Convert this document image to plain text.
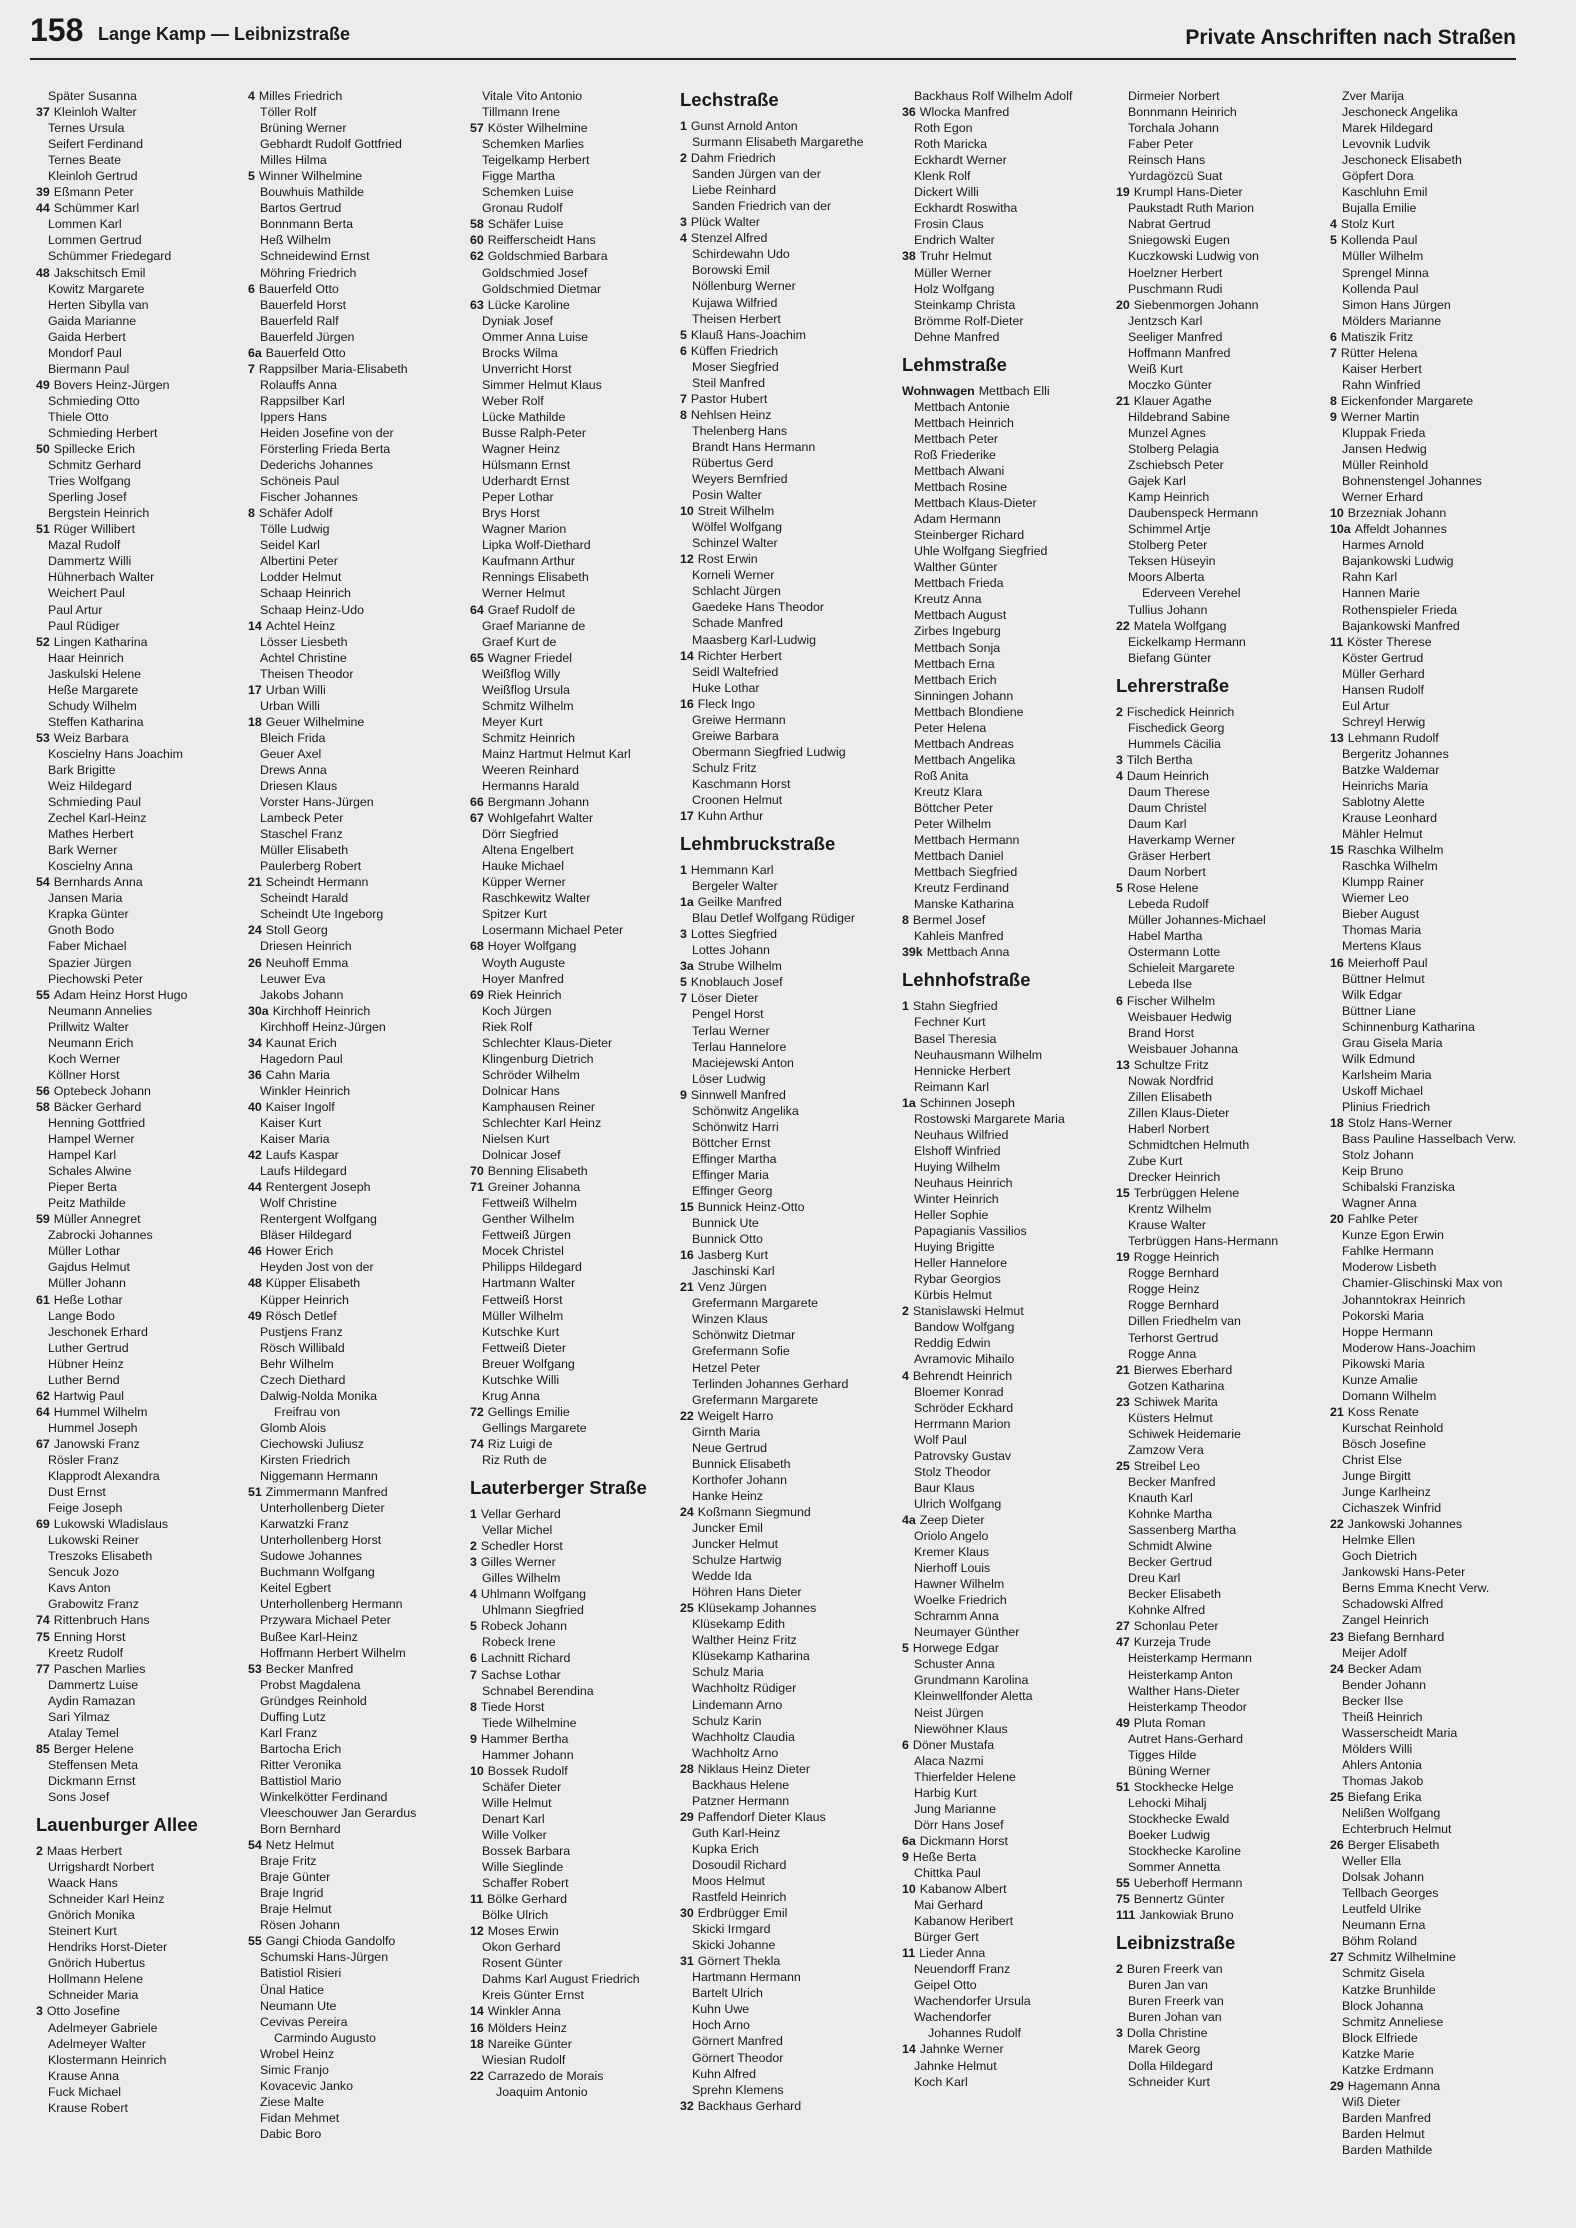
158 Lange Kamp — Leibnizstraße	Private Anschriften nach Straßen
Später Susanna
37 Kleinloh Walter
Ternes Ursula
Seifert Ferdinand
Ternes Beate
Kleinloh Gertrud
39 Eßmann Peter
44 Schümmer Karl
Lommen Karl
Lommen Gertrud
Schümmer Friedegard
48 Jakschitsch Emil
Kowitz Margarete
Herten Sibylla van
Gaida Marianne
Gaida Herbert
Mondorf Paul
Biermann Paul
49 Bovers Heinz-Jürgen
Schmieding Otto
Thiele Otto
Schmieding Herbert
50 Spillecke Erich
Schmitz Gerhard
Tries Wolfgang
Sperling Josef
Bergstein Heinrich
51 Rüger Willibert
Mazal Rudolf
Dammertz Willi
Hühnerbach Walter
Weichert Paul
Paul Artur
Paul Rüdiger
52 Lingen Katharina
Haar Heinrich
Jaskulski Helene
Heße Margarete
Schudy Wilhelm
Steffen Katharina
53 Weiz Barbara
Koscielny Hans Joachim
Bark Brigitte
Weiz Hildegard
Schmieding Paul
Zechel Karl-Heinz
Mathes Herbert
Bark Werner
Koscielny Anna
54 Bernhards Anna
Jansen Maria
Krapka Günter
Gnoth Bodo
Faber Michael
Spazier Jürgen
Piechowski Peter
55 Adam Heinz Horst Hugo
Neumann Annelies
Prillwitz Walter
Neumann Erich
Koch Werner
Köllner Horst
56 Optebeck Johann
58 Bäcker Gerhard
Henning Gottfried
Hampel Werner
Hampel Karl
Schales Alwine
Pieper Berta
Peitz Mathilde
59 Müller Annegret
Zabrocki Johannes
Müller Lothar
Gajdus Helmut
Müller Johann
61 Heße Lothar
Lange Bodo
Jeschonek Erhard
Luther Gertrud
Hübner Heinz
Luther Bernd
62 Hartwig Paul
64 Hummel Wilhelm
Hummel Joseph
67 Janowski Franz
Rösler Franz
Klapprodt Alexandra
Dust Ernst
Feige Joseph
69 Lukowski Wladislaus
Lukowski Reiner
Treszoks Elisabeth
Sencuk Jozo
Kavs Anton
Grabowitz Franz
74 Rittenbruch Hans
75 Enning Horst
Kreetz Rudolf
77 Paschen Marlies
Dammertz Luise
Aydin Ramazan
Sari Yilmaz
Atalay Temel
85 Berger Helene
Steffensen Meta
Dickmann Ernst
Sons Josef
Lauenburger Allee
2 Maas Herbert
Urrigshardt Norbert
Waack Hans
Schneider Karl Heinz
Gnörich Monika
Steinert Kurt
Hendriks Horst-Dieter
Gnörich Hubertus
Hollmann Helene
Schneider Maria
3 Otto Josefine
Adelmeyer Gabriele
Adelmeyer Walter
Klostermann Heinrich
Krause Anna
Fuck Michael
Krause Robert
4 Milles Friedrich
Töller Rolf
Brüning Werner
Gebhardt Rudolf Gottfried
Milles Hilma
5 Winner Wilhelmine
Bouwhuis Mathilde
Bartos Gertrud
Bonnmann Berta
Heß Wilhelm
Schneidewind Ernst
Möhring Friedrich
6 Bauerfeld Otto
Bauerfeld Horst
Bauerfeld Ralf
Bauerfeld Jürgen
6a Bauerfeld Otto
7 Rappsilber Maria-Elisabeth
Rolauffs Anna
Rappsilber Karl
Ippers Hans
Heiden Josefine von der
Försterling Frieda Berta
Dederichs Johannes
Schöneis Paul
Fischer Johannes
8 Schäfer Adolf
Tölle Ludwig
Seidel Karl
Albertini Peter
Lodder Helmut
Schaap Heinrich
Schaap Heinz-Udo
14 Achtel Heinz
Lösser Liesbeth
Achtel Christine
Theisen Theodor
17 Urban Willi
Urban Willi
18 Geuer Wilhelmine
Bleich Frida
Geuer Axel
Drews Anna
Driesen Klaus
Vorster Hans-Jürgen
Lambeck Peter
Staschel Franz
Müller Elisabeth
Paulerberg Robert
21 Scheindt Hermann
Scheindt Harald
Scheindt Ute Ingeborg
24 Stoll Georg
Driesen Heinrich
26 Neuhoff Emma
Leuwer Eva
Jakobs Johann
30a Kirchhoff Heinrich
Kirchhoff Heinz-Jürgen
34 Kaunat Erich
Hagedorn Paul
36 Cahn Maria
Winkler Heinrich
40 Kaiser Ingolf
Kaiser Kurt
Kaiser Maria
42 Laufs Kaspar
Laufs Hildegard
44 Rentergent Joseph
Wolf Christine
Rentergent Wolfgang
Bläser Hildegard
46 Hower Erich
Heyden Jost von der
48 Küpper Elisabeth
Küpper Heinrich
49 Rösch Detlef
Pustjens Franz
Rösch Willibald
Behr Wilhelm
Czech Diethard
Dalwig-Nolda Monika
Freifrau von
Glomb Alois
Ciechowski Juliusz
Kirsten Friedrich
Niggemann Hermann
51 Zimmermann Manfred
Unterhollenberg Dieter
Karwatzki Franz
Unterhollenberg Horst
Sudowe Johannes
Buchmann Wolfgang
Keitel Egbert
Unterhollenberg Hermann
Przywara Michael Peter
Bußee Karl-Heinz
Hoffmann Herbert Wilhelm
53 Becker Manfred
Probst Magdalena
Gründges Reinhold
Duffing Lutz
Karl Franz
Bartocha Erich
Ritter Veronika
Battistiol Mario
Winkelkötter Ferdinand
Vleeschouwer Jan Gerardus
Born Bernhard
54 Netz Helmut
Braje Fritz
Braje Günter
Braje Ingrid
Braje Helmut
Rösen Johann
55 Gangi Chioda Gandolfo
Schumski Hans-Jürgen
Batistiol Risieri
Ünal Hatice
Neumann Ute
Cevivas Pereira
Carmindo Augusto
Wrobel Heinz
Simic Franjo
Kovacevic Janko
Ziese Malte
Fidan Mehmet
Dabic Boro
Vitale Vito Antonio
Tillmann Irene
57 Köster Wilhelmine
Schemken Marlies
Teigelkamp Herbert
Figge Martha
Schemken Luise
Gronau Rudolf
58 Schäfer Luise
60 Reifferscheidt Hans
62 Goldschmied Barbara
Goldschmied Josef
Goldschmied Dietmar
63 Lücke Karoline
Dyniak Josef
Ommer Anna Luise
Brocks Wilma
Unverricht Horst
Simmer Helmut Klaus
Weber Rolf
Lücke Mathilde
Busse Ralph-Peter
Wagner Heinz
Hülsmann Ernst
Uderhardt Ernst
Peper Lothar
Brys Horst
Wagner Marion
Lipka Wolf-Diethard
Kaufmann Arthur
Rennings Elisabeth
Werner Helmut
64 Graef Rudolf de
Graef Marianne de
Graef Kurt de
65 Wagner Friedel
Weißflog Willy
Weißflog Ursula
Schmitz Wilhelm
Meyer Kurt
Schmitz Heinrich
Mainz Hartmut Helmut Karl
Weeren Reinhard
Hermanns Harald
66 Bergmann Johann
67 Wohlgefahrt Walter
Dörr Siegfried
Altena Engelbert
Hauke Michael
Küpper Werner
Raschkewitz Walter
Spitzer Kurt
Losermann Michael Peter
68 Hoyer Wolfgang
Woyth Auguste
Hoyer Manfred
69 Riek Heinrich
Koch Jürgen
Riek Rolf
Schlechter Klaus-Dieter
Klingenburg Dietrich
Schröder Wilhelm
Dolnicar Hans
Kamphausen Reiner
Schlechter Karl Heinz
Nielsen Kurt
Dolnicar Josef
70 Benning Elisabeth
71 Greiner Johanna
Fettweiß Wilhelm
Genther Wilhelm
Fettweiß Jürgen
Mocek Christel
Philipps Hildegard
Hartmann Walter
Fettweiß Horst
Müller Wilhelm
Kutschke Kurt
Fettweiß Dieter
Breuer Wolfgang
Kutschke Willi
Krug Anna
72 Gellings Emilie
Gellings Margarete
74 Riz Luigi de
Riz Ruth de
Lauterberger Straße
1 Vellar Gerhard
Vellar Michel
2 Schedler Horst
3 Gilles Werner
Gilles Wilhelm
4 Uhlmann Wolfgang
Uhlmann Siegfried
5 Robeck Johann
Robeck Irene
6 Lachnitt Richard
7 Sachse Lothar
Schnabel Berendina
8 Tiede Horst
Tiede Wilhelmine
9 Hammer Bertha
Hammer Johann
10 Bossek Rudolf
Schäfer Dieter
Wille Helmut
Denart Karl
Wille Volker
Bossek Barbara
Wille Sieglinde
Schaffer Robert
11 Bölke Gerhard
Bölke Ulrich
12 Moses Erwin
Okon Gerhard
Rosent Günter
Dahms Karl August Friedrich
Kreis Günter Ernst
14 Winkler Anna
16 Mölders Heinz
18 Nareike Günter
Wiesian Rudolf
22 Carrazedo de Morais
Joaquim Antonio
Lechstraße
1 Gunst Arnold Anton
Surmann Elisabeth Margarethe
2 Dahm Friedrich
Sanden Jürgen van der
Liebe Reinhard
Sanden Friedrich van der
3 Plück Walter
4 Stenzel Alfred
Schirdewahn Udo
Borowski Emil
Nöllenburg Werner
Kujawa Wilfried
Theisen Herbert
5 Klauß Hans-Joachim
6 Küffen Friedrich
Moser Siegfried
Steil Manfred
7 Pastor Hubert
8 Nehlsen Heinz
Thelenberg Hans
Brandt Hans Hermann
Rübertus Gerd
Weyers Bernfried
Posin Walter
10 Streit Wilhelm
Wölfel Wolfgang
Schinzel Walter
12 Rost Erwin
Korneli Werner
Schlacht Jürgen
Gaedeke Hans Theodor
Schade Manfred
Maasberg Karl-Ludwig
14 Richter Herbert
Seidl Waltefried
Huke Lothar
16 Fleck Ingo
Greiwe Hermann
Greiwe Barbara
Obermann Siegfried Ludwig
Schulz Fritz
Kaschmann Horst
Croonen Helmut
17 Kuhn Arthur
Lehmbruckstraße
1 Hemmann Karl
Bergeler Walter
1a Geilke Manfred
Blau Detlef Wolfgang Rüdiger
3 Lottes Siegfried
Lottes Johann
3a Strube Wilhelm
5 Knoblauch Josef
7 Löser Dieter
Pengel Horst
Terlau Werner
Terlau Hannelore
Maciejewski Anton
Löser Ludwig
9 Sinnwell Manfred
Schönwitz Angelika
Schönwitz Harri
Böttcher Ernst
Effinger Martha
Effinger Maria
Effinger Georg
15 Bunnick Heinz-Otto
Bunnick Ute
Bunnick Otto
16 Jasberg Kurt
Jaschinski Karl
21 Venz Jürgen
Grefermann Margarete
Winzen Klaus
Schönwitz Dietmar
Grefermann Sofie
Hetzel Peter
Terlinden Johannes Gerhard
Grefermann Margarete
22 Weigelt Harro
Girnth Maria
Neue Gertrud
Bunnick Elisabeth
Korthofer Johann
Hanke Heinz
24 Koßmann Siegmund
Juncker Emil
Juncker Helmut
Schulze Hartwig
Wedde Ida
Höhren Hans Dieter
25 Klüsekamp Johannes
Klüsekamp Edith
Walther Heinz Fritz
Klüsekamp Katharina
Schulz Maria
Wachholtz Rüdiger
Lindemann Arno
Schulz Karin
Wachholtz Claudia
Wachholtz Arno
28 Niklaus Heinz Dieter
Backhaus Helene
Patzner Hermann
29 Paffendorf Dieter Klaus
Guth Karl-Heinz
Kupka Erich
Dosoudil Richard
Moos Helmut
Rastfeld Heinrich
30 Erdbrügger Emil
Skicki Irmgard
Skicki Johanne
31 Görnert Thekla
Hartmann Hermann
Bartelt Ulrich
Kuhn Uwe
Hoch Arno
Görnert Manfred
Görnert Theodor
Kuhn Alfred
Sprehn Klemens
32 Backhaus Gerhard
Backhaus Rolf Wilhelm Adolf
36 Wlocka Manfred
Roth Egon
Roth Maricka
Eckhardt Werner
Klenk Rolf
Dickert Willi
Eckhardt Roswitha
Frosin Claus
Endrich Walter
38 Truhr Helmut
Müller Werner
Holz Wolfgang
Steinkamp Christa
Brömme Rolf-Dieter
Dehne Manfred
Lehmstraße
Wohnwagen Mettbach Elli
Mettbach Antonie
Mettbach Heinrich
Mettbach Peter
Roß Friederike
Mettbach Alwani
Mettbach Rosine
Mettbach Klaus-Dieter
Adam Hermann
Steinberger Richard
Uhle Wolfgang Siegfried
Walther Günter
Mettbach Frieda
Kreutz Anna
Mettbach August
Zirbes Ingeburg
Mettbach Sonja
Mettbach Erna
Mettbach Erich
Sinningen Johann
Mettbach Blondiene
Peter Helena
Mettbach Andreas
Mettbach Angelika
Roß Anita
Kreutz Klara
Böttcher Peter
Peter Wilhelm
Mettbach Hermann
Mettbach Daniel
Mettbach Siegfried
Kreutz Ferdinand
Manske Katharina
8 Bermel Josef
Kahleis Manfred
39k Mettbach Anna
Lehnhofstraße
1 Stahn Siegfried
Fechner Kurt
Basel Theresia
Neuhausmann Wilhelm
Hennicke Herbert
Reimann Karl
1a Schinnen Joseph
Rostowski Margarete Maria
Neuhaus Wilfried
Elshoff Winfried
Huying Wilhelm
Neuhaus Heinrich
Winter Heinrich
Heller Sophie
Papagianis Vassilios
Huying Brigitte
Heller Hannelore
Rybar Georgios
Kürbis Helmut
2 Stanislawski Helmut
Bandow Wolfgang
Reddig Edwin
Avramovic Mihailo
4 Behrendt Heinrich
Bloemer Konrad
Schröder Eckhard
Herrmann Marion
Wolf Paul
Patrovsky Gustav
Stolz Theodor
Baur Klaus
Ulrich Wolfgang
4a Zeep Dieter
Oriolo Angelo
Kremer Klaus
Nierhoff Louis
Hawner Wilhelm
Woelke Friedrich
Schramm Anna
Neumayer Günther
5 Horwege Edgar
Schuster Anna
Grundmann Karolina
Kleinwellfonder Aletta
Neist Jürgen
Niewöhner Klaus
6 Döner Mustafa
Alaca Nazmi
Thierfelder Helene
Harbig Kurt
Jung Marianne
Dörr Hans Josef
6a Dickmann Horst
9 Heße Berta
Chittka Paul
10 Kabanow Albert
Mai Gerhard
Kabanow Heribert
Bürger Gert
11 Lieder Anna
Neuendorff Franz
Geipel Otto
Wachendorfer Ursula
Wachendorfer
Johannes Rudolf
14 Jahnke Werner
Jahnke Helmut
Koch Karl
Dirmeier Norbert
Bonnmann Heinrich
Torchala Johann
Faber Peter
Reinsch Hans
Yurdagözcü Suat
19 Krumpl Hans-Dieter
Paukstadt Ruth Marion
Nabrat Gertrud
Sniegowski Eugen
Kuczkowski Ludwig von
Hoelzner Herbert
Puschmann Rudi
20 Siebenmorgen Johann
Jentzsch Karl
Seeliger Manfred
Hoffmann Manfred
Weiß Kurt
Moczko Günter
21 Klauer Agathe
Hildebrand Sabine
Munzel Agnes
Stolberg Pelagia
Zschiebsch Peter
Gajek Karl
Kamp Heinrich
Daubenspeck Hermann
Schimmel Artje
Stolberg Peter
Teksen Hüseyin
Moors Alberta
Ederveen Verehel
Tullius Johann
22 Matela Wolfgang
Eickelkamp Hermann
Biefang Günter
Lehrerstraße
2 Fischedick Heinrich
Fischedick Georg
Hummels Cäcilia
3 Tilch Bertha
4 Daum Heinrich
Daum Therese
Daum Christel
Daum Karl
Haverkamp Werner
Gräser Herbert
Daum Norbert
5 Rose Helene
Lebeda Rudolf
Müller Johannes-Michael
Habel Martha
Ostermann Lotte
Schieleit Margarete
Lebeda Ilse
6 Fischer Wilhelm
Weisbauer Hedwig
Brand Horst
Weisbauer Johanna
13 Schultze Fritz
Nowak Nordfrid
Zillen Elisabeth
Zillen Klaus-Dieter
Haberl Norbert
Schmidtchen Helmuth
Zube Kurt
Drecker Heinrich
15 Terbrüggen Helene
Krentz Wilhelm
Krause Walter
Terbrüggen Hans-Hermann
19 Rogge Heinrich
Rogge Bernhard
Rogge Heinz
Rogge Bernhard
Dillen Friedhelm van
Terhorst Gertrud
Rogge Anna
21 Bierwes Eberhard
Gotzen Katharina
23 Schiwek Marita
Küsters Helmut
Schiwek Heidemarie
Zamzow Vera
25 Streibel Leo
Becker Manfred
Knauth Karl
Kohnke Martha
Sassenberg Martha
Schmidt Alwine
Becker Gertrud
Dreu Karl
Becker Elisabeth
Kohnke Alfred
27 Schonlau Peter
47 Kurzeja Trude
Heisterkamp Hermann
Heisterkamp Anton
Walther Hans-Dieter
Heisterkamp Theodor
49 Pluta Roman
Autret Hans-Gerhard
Tigges Hilde
Büning Werner
51 Stockhecke Helge
Lehocki Mihalj
Stockhecke Ewald
Boeker Ludwig
Stockhecke Karoline
Sommer Annetta
55 Ueberhoff Hermann
75 Bennertz Günter
111 Jankowiak Bruno
Leibnizstraße
2 Buren Freerk van
Buren Jan van
Buren Freerk van
Buren Johan van
3 Dolla Christine
Marek Georg
Dolla Hildegard
Schneider Kurt
Zver Marija
Jeschoneck Angelika
Marek Hildegard
Levovnik Ludvik
Jeschoneck Elisabeth
Göpfert Dora
Kaschluhn Emil
Bujalla Emilie
4 Stolz Kurt
5 Kollenda Paul
Müller Wilhelm
Sprengel Minna
Kollenda Paul
Simon Hans Jürgen
Mölders Marianne
6 Matiszik Fritz
7 Rütter Helena
Kaiser Herbert
Rahn Winfried
8 Eickenfonder Margarete
9 Werner Martin
Kluppak Frieda
Jansen Hedwig
Müller Reinhold
Bohnenstengel Johannes
Werner Erhard
10 Brzezniak Johann
10a Affeldt Johannes
Harmes Arnold
Bajankowski Ludwig
Rahn Karl
Hannen Marie
Rothenspieler Frieda
Bajankowski Manfred
11 Köster Therese
Köster Gertrud
Müller Gerhard
Hansen Rudolf
Eul Artur
Schreyl Herwig
13 Lehmann Rudolf
Bergeritz Johannes
Batzke Waldemar
Heinrichs Maria
Sablotny Alette
Krause Leonhard
Mähler Helmut
15 Raschka Wilhelm
Raschka Wilhelm
Klumpp Rainer
Wiemer Leo
Bieber August
Thomas Maria
Mertens Klaus
16 Meierhoff Paul
Büttner Helmut
Wilk Edgar
Büttner Liane
Schinnenburg Katharina
Grau Gisela Maria
Wilk Edmund
Karlsheim Maria
Uskoff Michael
Plinius Friedrich
18 Stolz Hans-Werner
Bass Pauline Hasselbach Verw.
Stolz Johann
Keip Bruno
Schibalski Franziska
Wagner Anna
20 Fahlke Peter
Kunze Egon Erwin
Fahlke Hermann
Moderow Lisbeth
Chamier-Glischinski Max von
Johanntokrax Heinrich
Pokorski Maria
Hoppe Hermann
Moderow Hans-Joachim
Pikowski Maria
Kunze Amalie
Domann Wilhelm
21 Koss Renate
Kurschat Reinhold
Bösch Josefine
Christ Else
Junge Birgitt
Junge Karlheinz
Cichaszek Winfrid
22 Jankowski Johannes
Helmke Ellen
Goch Dietrich
Jankowski Hans-Peter
Berns Emma Knecht Verw.
Schadowski Alfred
Zangel Heinrich
23 Biefang Bernhard
Meijer Adolf
24 Becker Adam
Bender Johann
Becker Ilse
Theiß Heinrich
Wasserscheidt Maria
Mölders Willi
Ahlers Antonia
Thomas Jakob
25 Biefang Erika
Nelißen Wolfgang
Echterbruch Helmut
26 Berger Elisabeth
Weller Ella
Dolsak Johann
Tellbach Georges
Leutfeld Ulrike
Neumann Erna
Böhm Roland
27 Schmitz Wilhelmine
Schmitz Gisela
Katzke Brunhilde
Block Johanna
Schmitz Anneliese
Block Elfriede
Katzke Marie
Katzke Erdmann
29 Hagemann Anna
Wiß Dieter
Barden Manfred
Barden Helmut
Barden Mathilde
